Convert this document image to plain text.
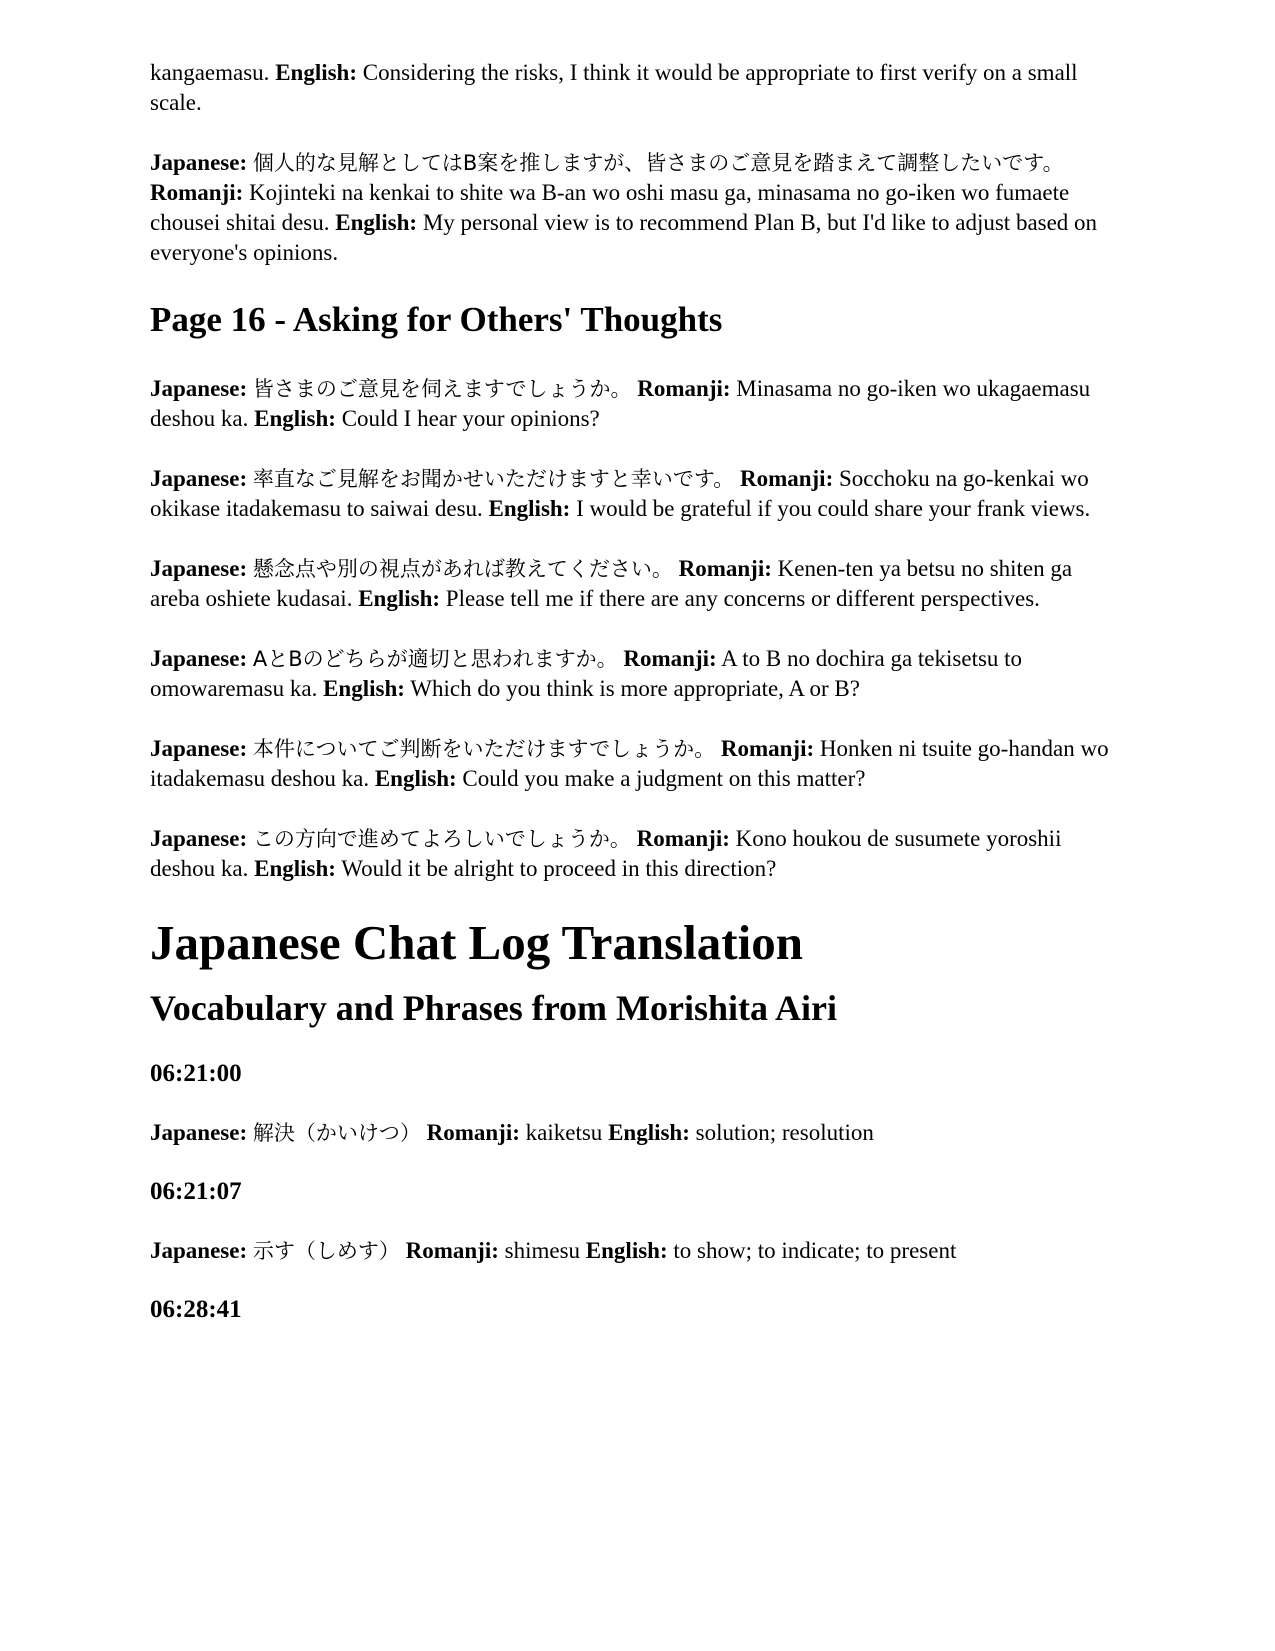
kangaemasu. English: Considering the risks, I think it would be appropriate to first verify on a small scale.

Japanese: 個人的な見解としてはB案を推しますが、皆さまのご意見を踏まえて調整したいです。 Romanji: Kojinteki na kenkai to shite wa B-an wo oshi masu ga, minasama no go-iken wo fumaete chousei shitai desu. English: My personal view is to recommend Plan B, but I'd like to adjust based on everyone's opinions.

Page 16 - Asking for Others' Thoughts

Japanese: 皆さまのご意見を伺えますでしょうか。 Romanji: Minasama no go-iken wo ukagaemasu deshou ka. English: Could I hear your opinions?

Japanese: 率直なご見解をお聞かせいただけますと幸いです。 Romanji: Socchoku na go-kenkai wo okikase itadakemasu to saiwai desu. English: I would be grateful if you could share your frank views.

Japanese: 懸念点や別の視点があれば教えてください。 Romanji: Kenen-ten ya betsu no shiten ga areba oshiete kudasai. English: Please tell me if there are any concerns or different perspectives.

Japanese: AとBのどちらが適切と思われますか。 Romanji: A to B no dochira ga tekisetsu to omowaremasu ka. English: Which do you think is more appropriate, A or B?

Japanese: 本件についてご判断をいただけますでしょうか。 Romanji: Honken ni tsuite go-handan wo itadakemasu deshou ka. English: Could you make a judgment on this matter?

Japanese: この方向で進めてよろしいでしょうか。 Romanji: Kono houkou de susumete yoroshii deshou ka. English: Would it be alright to proceed in this direction?

Japanese Chat Log Translation
Vocabulary and Phrases from Morishita Airi
06:21:00

Japanese: 解決（かいけつ） Romanji: kaiketsu English: solution; resolution

06:21:07

Japanese: 示す（しめす） Romanji: shimesu English: to show; to indicate; to present

06:28:41
